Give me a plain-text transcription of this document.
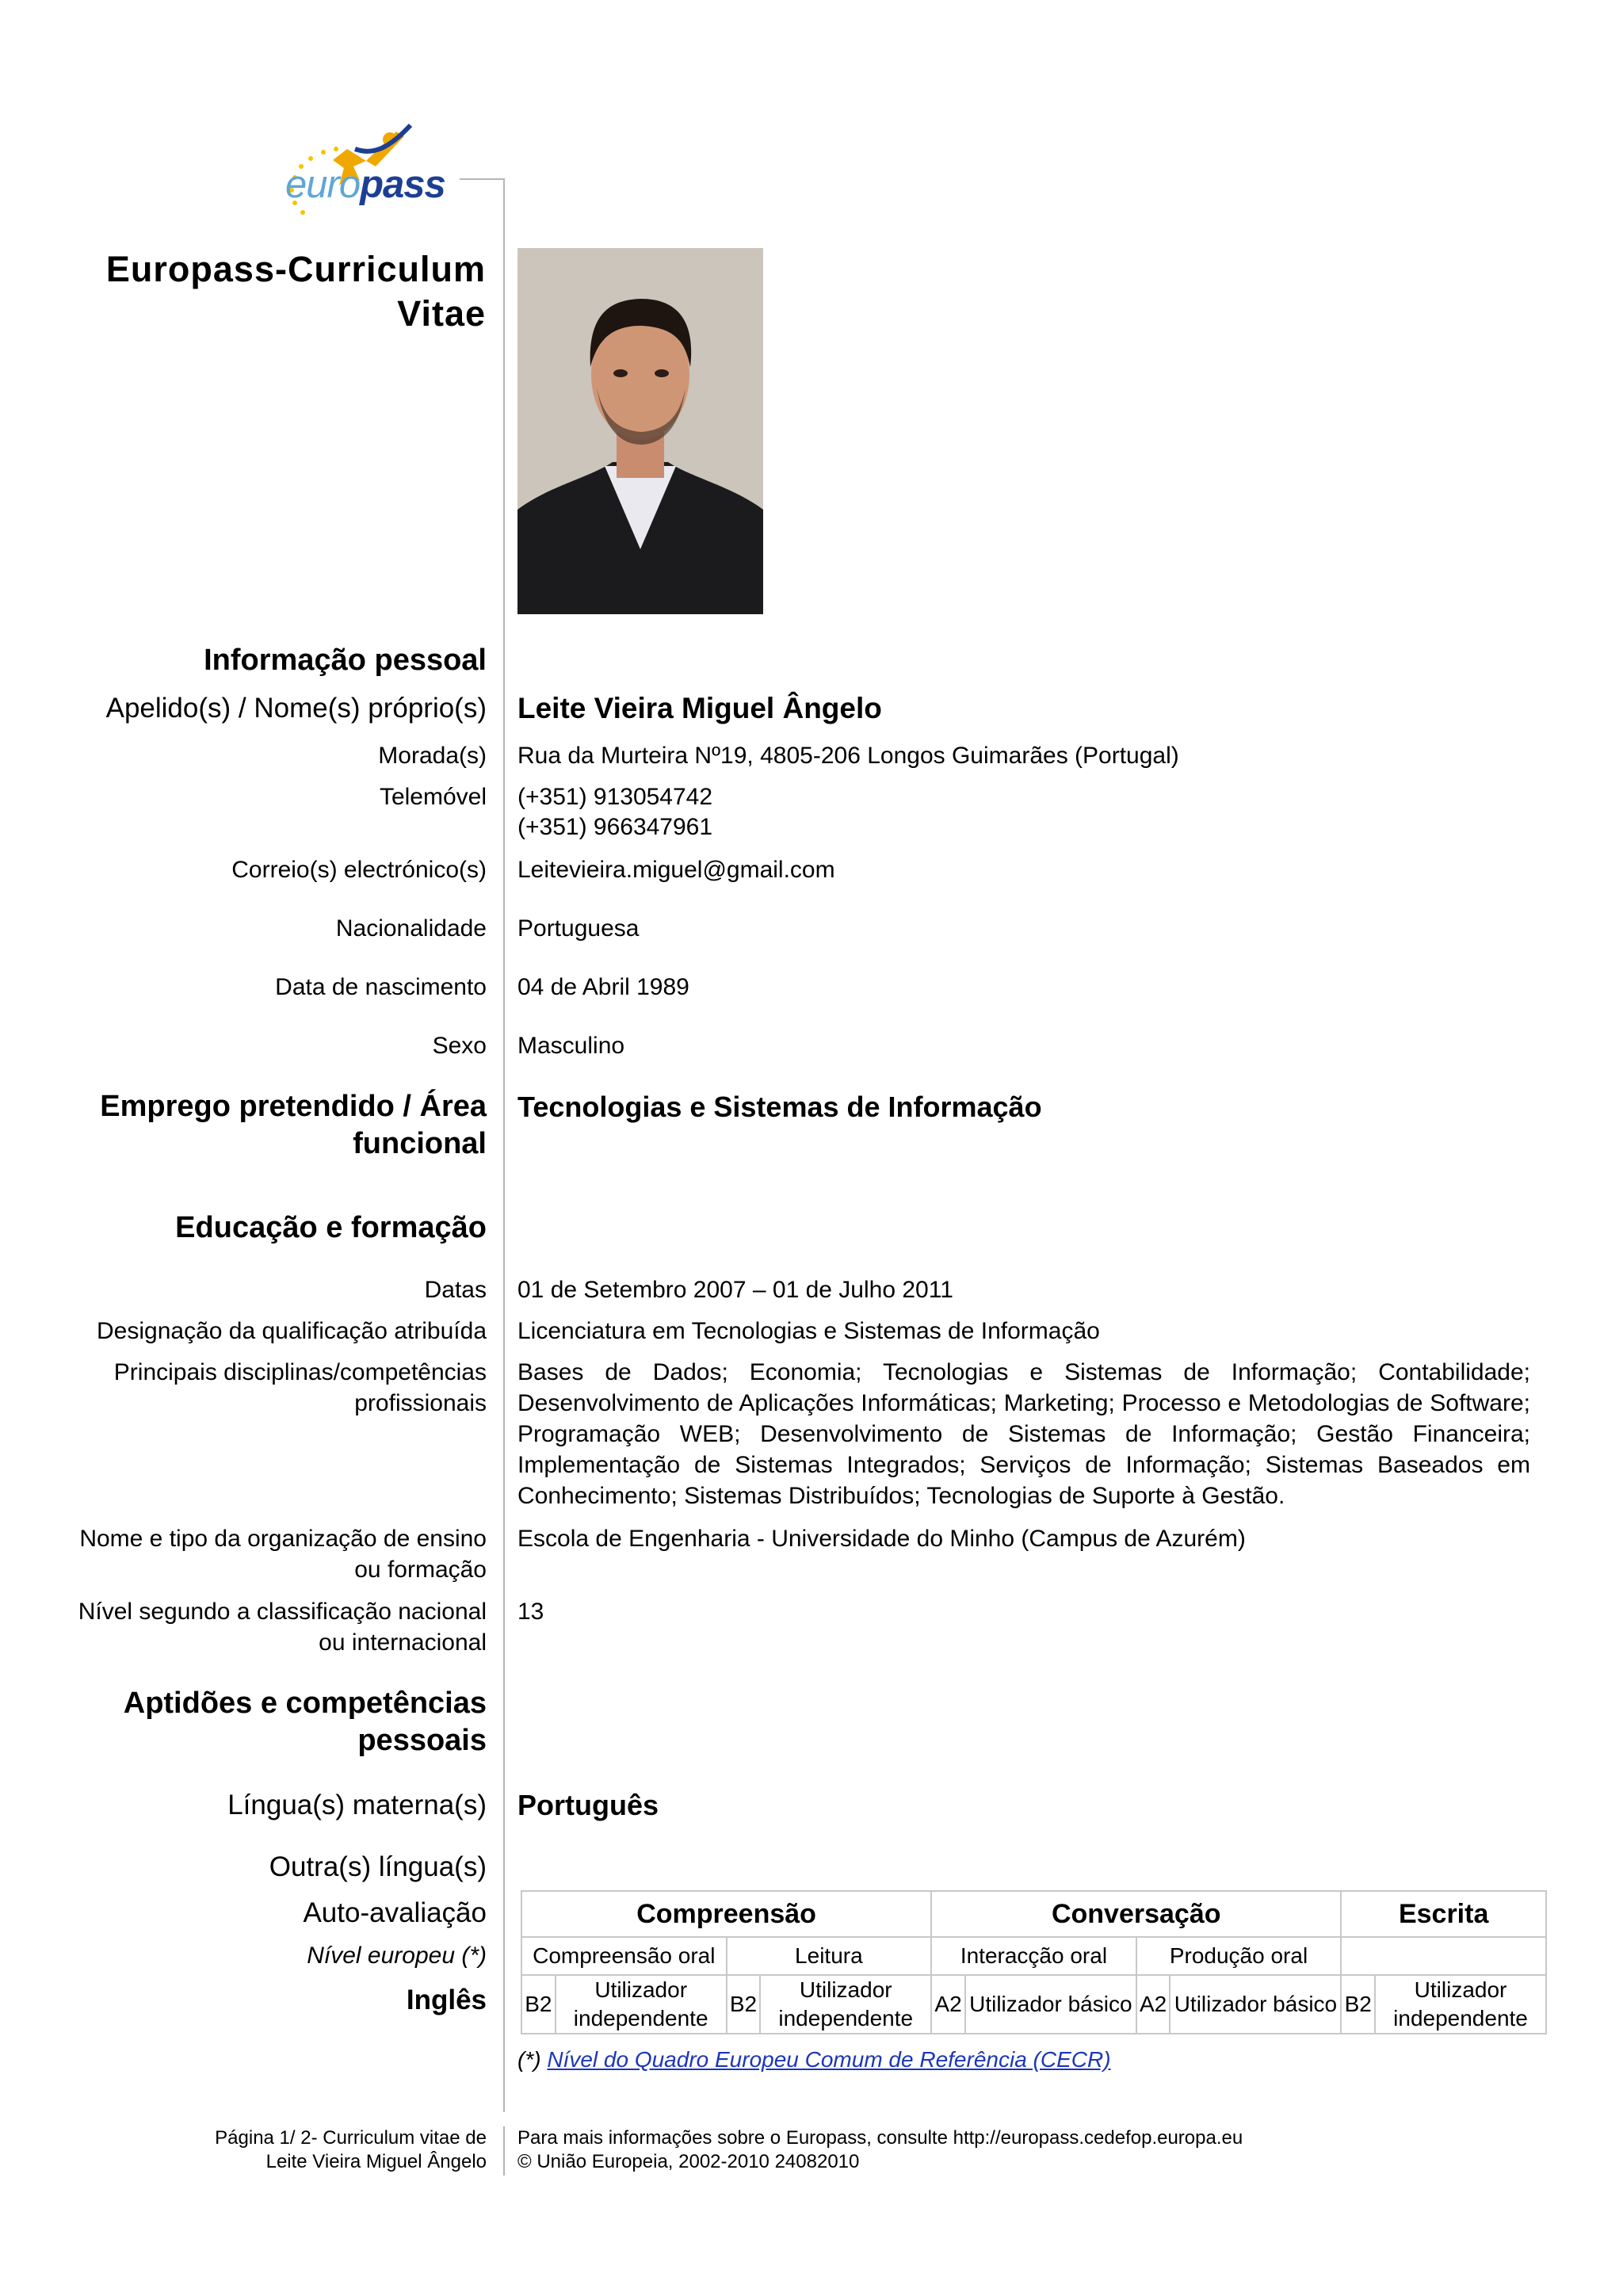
europass
Europass-Curriculum
Vitae
Informação pessoal
Apelido(s) / Nome(s) próprio(s) Leite Vieira Miguel Ângelo
Morada(s) Rua da Murteira Nº19, 4805-206 Longos Guimarães (Portugal)
Telemóvel (+351) 913054742
(+351) 966347961
Correio(s) electrónico(s) Leitevieira.miguel@gmail.com
Nacionalidade Portuguesa
Data de nascimento 04 de Abril 1989
Sexo Masculino
Emprego pretendido / Área
funcional
Tecnologias e Sistemas de Informação
Educação e formação
Datas 01 de Setembro 2007 – 01 de Julho 2011
Designação da qualificação atribuída Licenciatura em Tecnologias e Sistemas de Informação
Principais disciplinas/competências
profissionais
Bases de Dados; Economia; Tecnologias e Sistemas de Informação; Contabilidade; Desenvolvimento de Aplicações Informáticas; Marketing; Processo e Metodologias de Software; Programação WEB; Desenvolvimento de Sistemas de Informação; Gestão Financeira; Implementação de Sistemas Integrados; Serviços de Informação; Sistemas Baseados em Conhecimento; Sistemas Distribuídos; Tecnologias de Suporte à Gestão.
Nome e tipo da organização de ensino
ou formação
Escola de Engenharia - Universidade do Minho (Campus de Azurém)
Nível segundo a classificação nacional
ou internacional
13
Aptidões e competências
pessoais
Língua(s) materna(s) Português
Outra(s) língua(s)
Auto-avaliação
Nível europeu (*)
Inglês
Compreensão				Conversação				Escrita	
Compreensão oral		Leitura		Interacção oral		Produção oral			
B2	Utilizador independente	B2	Utilizador independente	A2	Utilizador básico	A2	Utilizador básico	B2	Utilizador independente
(*) Nível do Quadro Europeu Comum de Referência (CECR)
Página 1/ 2- Curriculum vitae de
Leite Vieira Miguel Ângelo
Para mais informações sobre o Europass, consulte http://europass.cedefop.europa.eu
© União Europeia, 2002-2010 24082010
